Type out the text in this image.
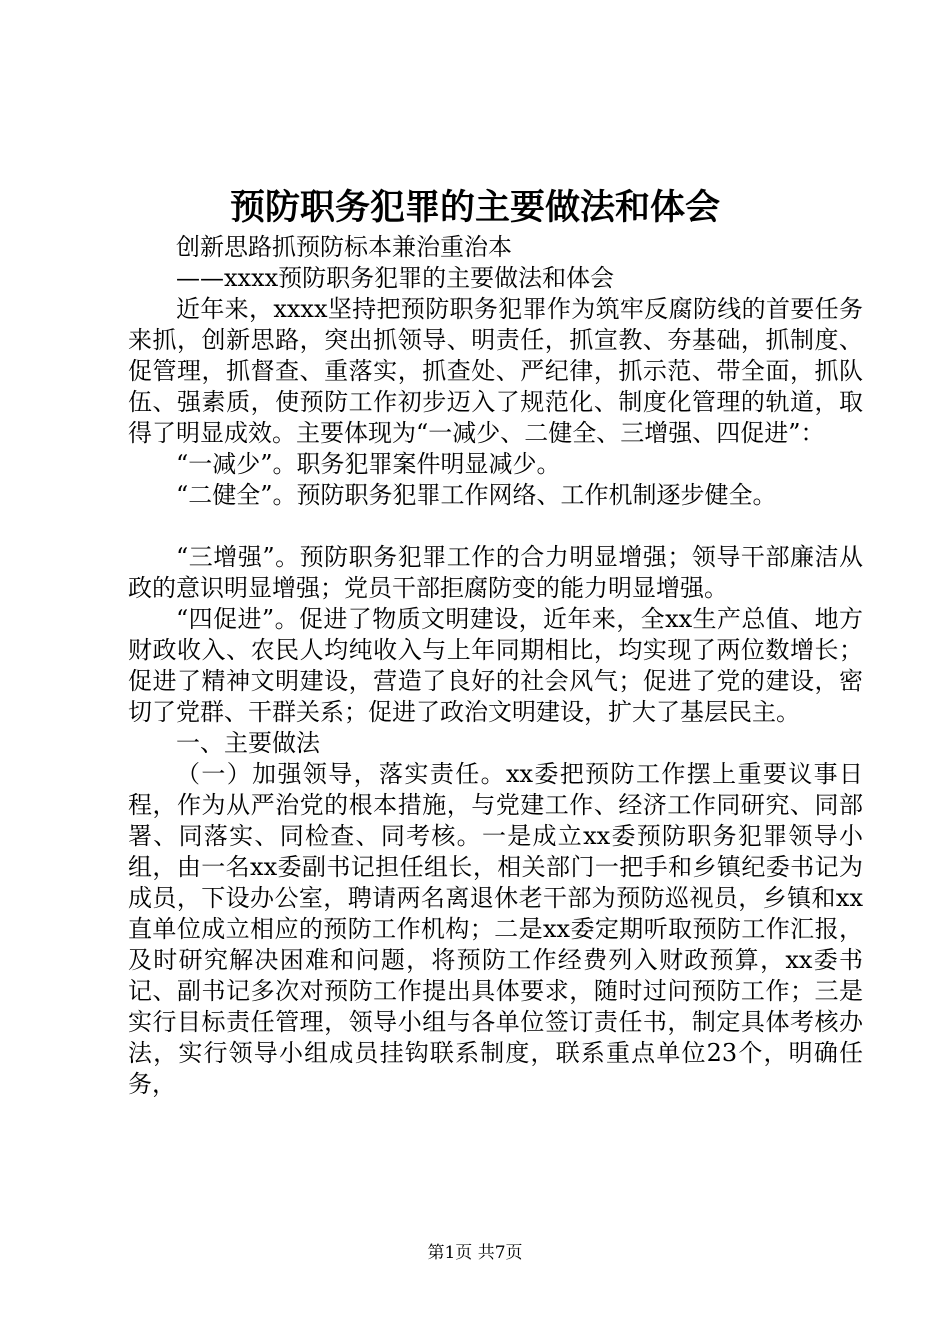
预防职务犯罪的主要做法和体会

创新思路抓预防标本兼治重治本

——xxxx预防职务犯罪的主要做法和体会

近年来，xxxx坚持把预防职务犯罪作为筑牢反腐防线的首要任务来抓，创新思路，突出抓领导、明责任，抓宣教、夯基础，抓制度、促管理，抓督查、重落实，抓查处、严纪律，抓示范、带全面，抓队伍、强素质，使预防工作初步迈入了规范化、制度化管理的轨道，取得了明显成效。主要体现为“一减少、二健全、三增强、四促进”：

“一减少”。职务犯罪案件明显减少。

“二健全”。预防职务犯罪工作网络、工作机制逐步健全。

“三增强”。预防职务犯罪工作的合力明显增强；领导干部廉洁从政的意识明显增强；党员干部拒腐防变的能力明显增强。

“四促进”。促进了物质文明建设，近年来，全xx生产总值、地方财政收入、农民人均纯收入与上年同期相比，均实现了两位数增长；促进了精神文明建设，营造了良好的社会风气；促进了党的建设，密切了党群、干群关系；促进了政治文明建设，扩大了基层民主。

一、主要做法

（一）加强领导，落实责任。xx委把预防工作摆上重要议事日程，作为从严治党的根本措施，与党建工作、经济工作同研究、同部署、同落实、同检查、同考核。一是成立xx委预防职务犯罪领导小组，由一名xx委副书记担任组长，相关部门一把手和乡镇纪委书记为成员，下设办公室，聘请两名离退休老干部为预防巡视员，乡镇和xx直单位成立相应的预防工作机构；二是xx委定期听取预防工作汇报，及时研究解决困难和问题，将预防工作经费列入财政预算，xx委书记、副书记多次对预防工作提出具体要求，随时过问预防工作；三是实行目标责任管理，领导小组与各单位签订责任书，制定具体考核办法，实行领导小组成员挂钩联系制度，联系重点单位23个，明确任务，

第1页 共7页
